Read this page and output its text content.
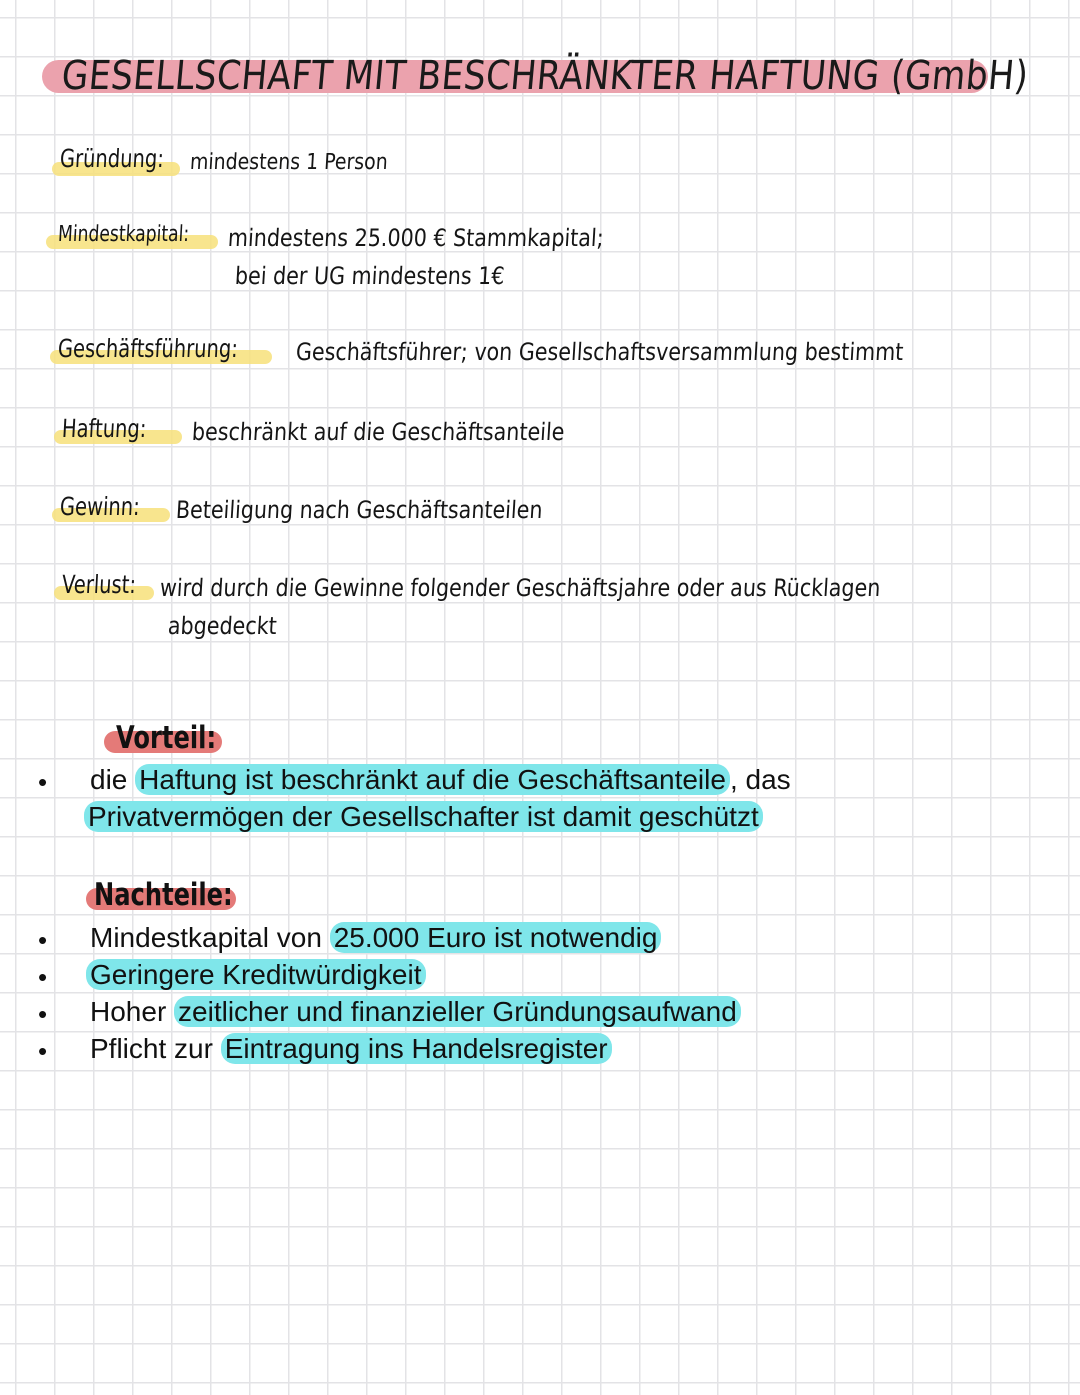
GESELLSCHAFT MIT BESCHRÄNKTER HAFTUNG (GmbH)
Gründung: mindestens 1 Person
Mindestkapital: mindestens 25.000 € Stammkapital;
bei der UG mindestens 1€
Geschäftsführung: Geschäftsführer; von Gesellschaftsversammlung bestimmt
Haftung: beschränkt auf die Geschäftsanteile
Gewinn: Beteiligung nach Geschäftsanteilen
Verlust: wird durch die Gewinne folgender Geschäftsjahre oder aus Rücklagen
abgedeckt
Vorteil:
• die Haftung ist beschränkt auf die Geschäftsanteile , das
Privatvermögen der Gesellschafter ist damit geschützt
Nachteile:
• Mindestkapital von 25.000 Euro ist notwendig
• Geringere Kreditwürdigkeit
• Hoher zeitlicher und finanzieller Gründungsaufwand
• Pflicht zur Eintragung ins Handelsregister
